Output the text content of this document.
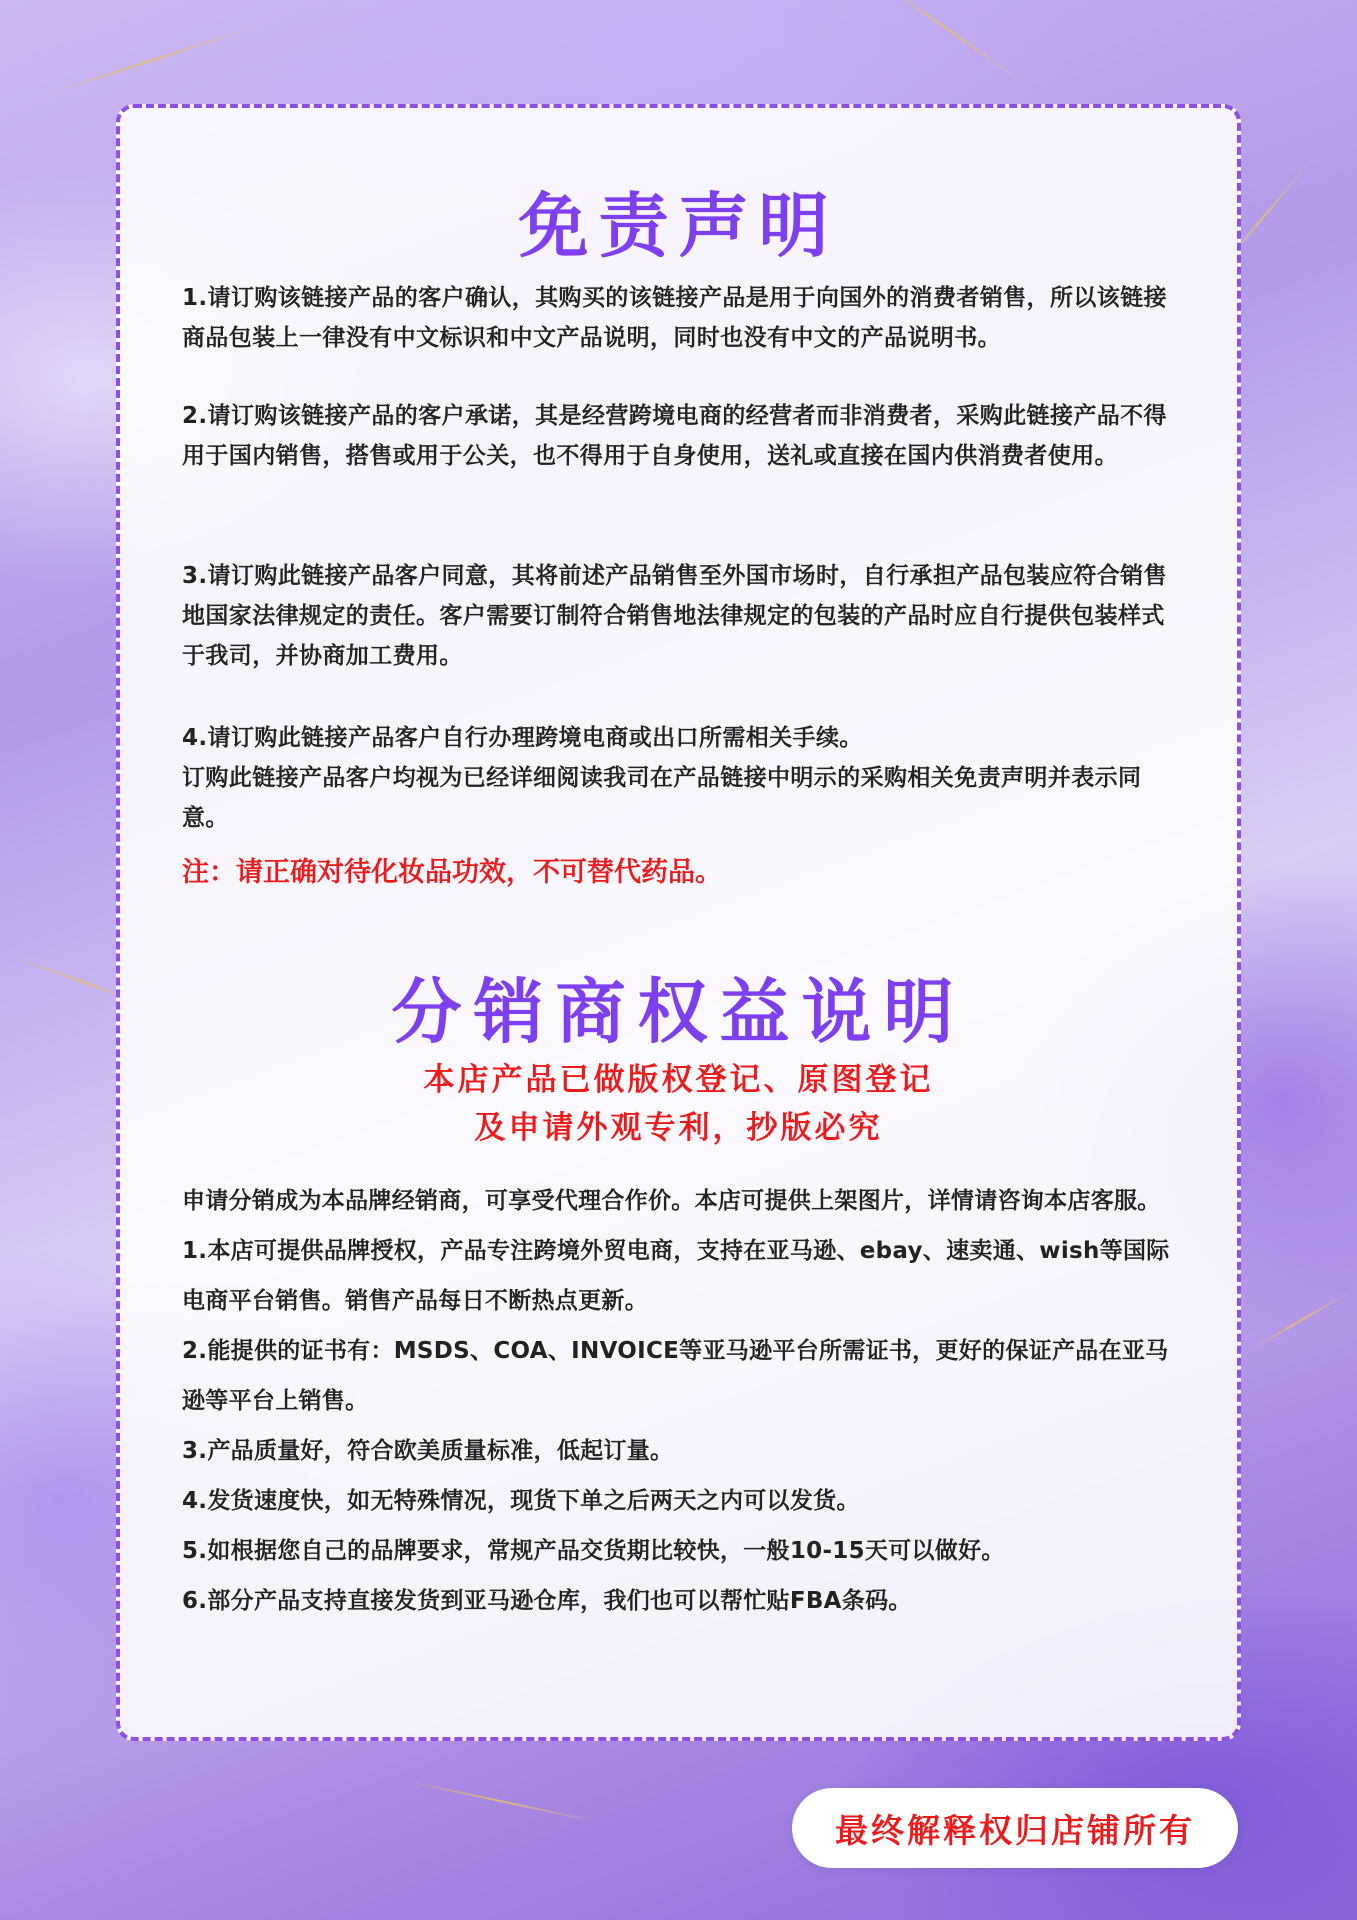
免责声明

1.请订购该链接产品的客户确认，其购买的该链接产品是用于向国外的消费者销售，所以该链接商品包装上一律没有中文标识和中文产品说明，同时也没有中文的产品说明书。

2.请订购该链接产品的客户承诺，其是经营跨境电商的经营者而非消费者，采购此链接产品不得用于国内销售，搭售或用于公关，也不得用于自身使用，送礼或直接在国内供消费者使用。

3.请订购此链接产品客户同意，其将前述产品销售至外国市场时，自行承担产品包装应符合销售地国家法律规定的责任。客户需要订制符合销售地法律规定的包装的产品时应自行提供包装样式于我司，并协商加工费用。

4.请订购此链接产品客户自行办理跨境电商或出口所需相关手续。

订购此链接产品客户均视为已经详细阅读我司在产品链接中明示的采购相关免责声明并表示同意。

注：请正确对待化妆品功效，不可替代药品。
分销商权益说明
本店产品已做版权登记、原图登记
及申请外观专利，抄版必究

申请分销成为本品牌经销商，可享受代理合作价。本店可提供上架图片，详情请咨询本店客服。

1.本店可提供品牌授权，产品专注跨境外贸电商，支持在亚马逊、ebay、速卖通、wish等国际电商平台销售。销售产品每日不断热点更新。

2.能提供的证书有：MSDS、COA、INVOICE等亚马逊平台所需证书，更好的保证产品在亚马逊等平台上销售。

3.产品质量好，符合欧美质量标准，低起订量。

4.发货速度快，如无特殊情况，现货下单之后两天之内可以发货。

5.如根据您自己的品牌要求，常规产品交货期比较快，一般10-15天可以做好。

6.部分产品支持直接发货到亚马逊仓库，我们也可以帮忙贴FBA条码。

最终解释权归店铺所有
